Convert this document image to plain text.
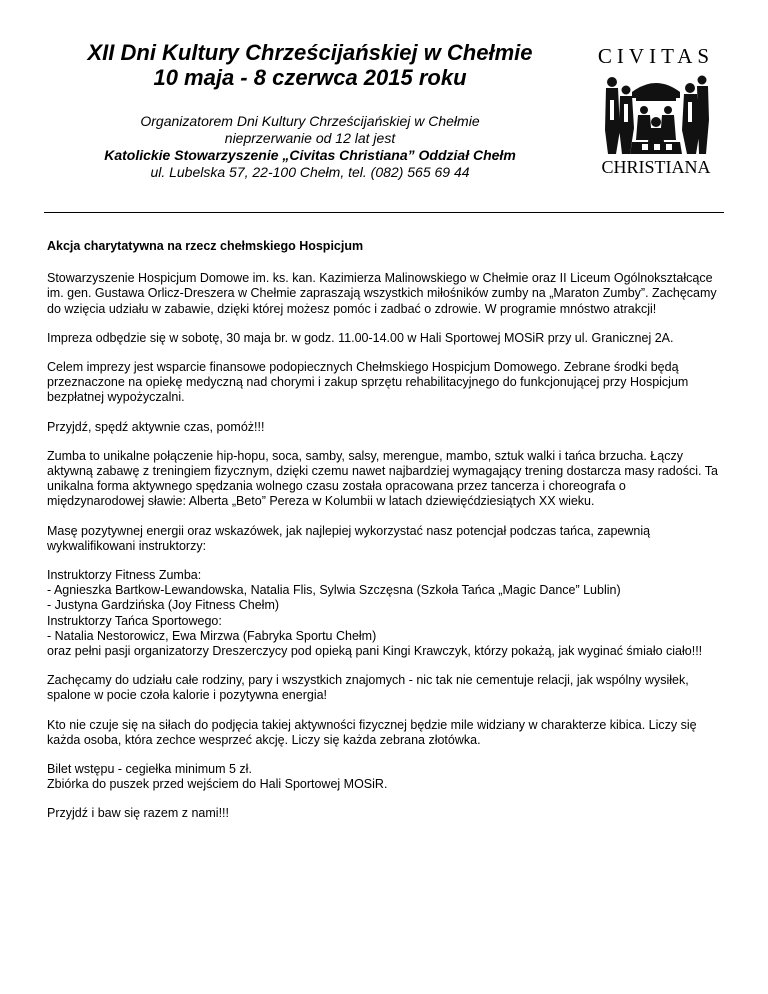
XII Dni Kultury Chrześcijańskiej w Chełmie
10 maja - 8 czerwca 2015 roku
Organizatorem Dni Kultury Chrześcijańskiej w Chełmie
nieprzerwanie od 12 lat jest
Katolickie Stowarzyszenie „Civitas Christiana” Oddział Chełm
ul. Lubelska 57, 22-100 Chełm, tel. (082) 565 69 44
CIVITAS
CHRISTIANA

Akcja charytatywna na rzecz chełmskiego Hospicjum

Stowarzyszenie Hospicjum Domowe im. ks. kan. Kazimierza Malinowskiego w Chełmie oraz II Liceum Ogólnokształcące im. gen. Gustawa Orlicz-Dreszera w Chełmie zapraszają wszystkich miłośników zumby na „Maraton Zumby”. Zachęcamy do wzięcia udziału w zabawie, dzięki której możesz pomóc i zadbać o zdrowie. W programie mnóstwo atrakcji!

Impreza odbędzie się w sobotę, 30 maja br. w godz. 11.00-14.00 w Hali Sportowej MOSiR przy ul. Granicznej 2A.

Celem imprezy jest wsparcie finansowe podopiecznych Chełmskiego Hospicjum Domowego. Zebrane środki będą przeznaczone na opiekę medyczną nad chorymi i zakup sprzętu rehabilitacyjnego do funkcjonującej przy Hospicjum bezpłatnej wypożyczalni.

Przyjdź, spędź aktywnie czas, pomóż!!!

Zumba to unikalne połączenie hip-hopu, soca, samby, salsy, merengue, mambo, sztuk walki i tańca brzucha. Łączy aktywną zabawę z treningiem fizycznym, dzięki czemu nawet najbardziej wymagający trening dostarcza masy radości. Ta unikalna forma aktywnego spędzania wolnego czasu została opracowana przez tancerza i choreografa o międzynarodowej sławie: Alberta „Beto” Pereza w Kolumbii w latach dziewięćdziesiątych XX wieku.

Masę pozytywnej energii oraz wskazówek, jak najlepiej wykorzystać nasz potencjał podczas tańca, zapewnią wykwalifikowani instruktorzy:

Instruktorzy Fitness Zumba:
- Agnieszka Bartkow-Lewandowska, Natalia Flis, Sylwia Szczęsna (Szkoła Tańca „Magic Dance” Lublin)
- Justyna Gardzińska (Joy Fitness Chełm)
Instruktorzy Tańca Sportowego:
- Natalia Nestorowicz, Ewa Mirzwa (Fabryka Sportu Chełm)
oraz pełni pasji organizatorzy Dreszerczycy pod opieką pani Kingi Krawczyk, którzy pokażą, jak wyginać śmiało ciało!!!

Zachęcamy do udziału całe rodziny, pary i wszystkich znajomych - nic tak nie cementuje relacji, jak wspólny wysiłek, spalone w pocie czoła kalorie i pozytywna energia!

Kto nie czuje się na siłach do podjęcia takiej aktywności fizycznej będzie mile widziany w charakterze kibica. Liczy się każda osoba, która zechce wesprzeć akcję. Liczy się każda zebrana złotówka.

Bilet wstępu - cegiełka minimum 5 zł.
Zbiórka do puszek przed wejściem do Hali Sportowej MOSiR.

Przyjdź i baw się razem z nami!!!
